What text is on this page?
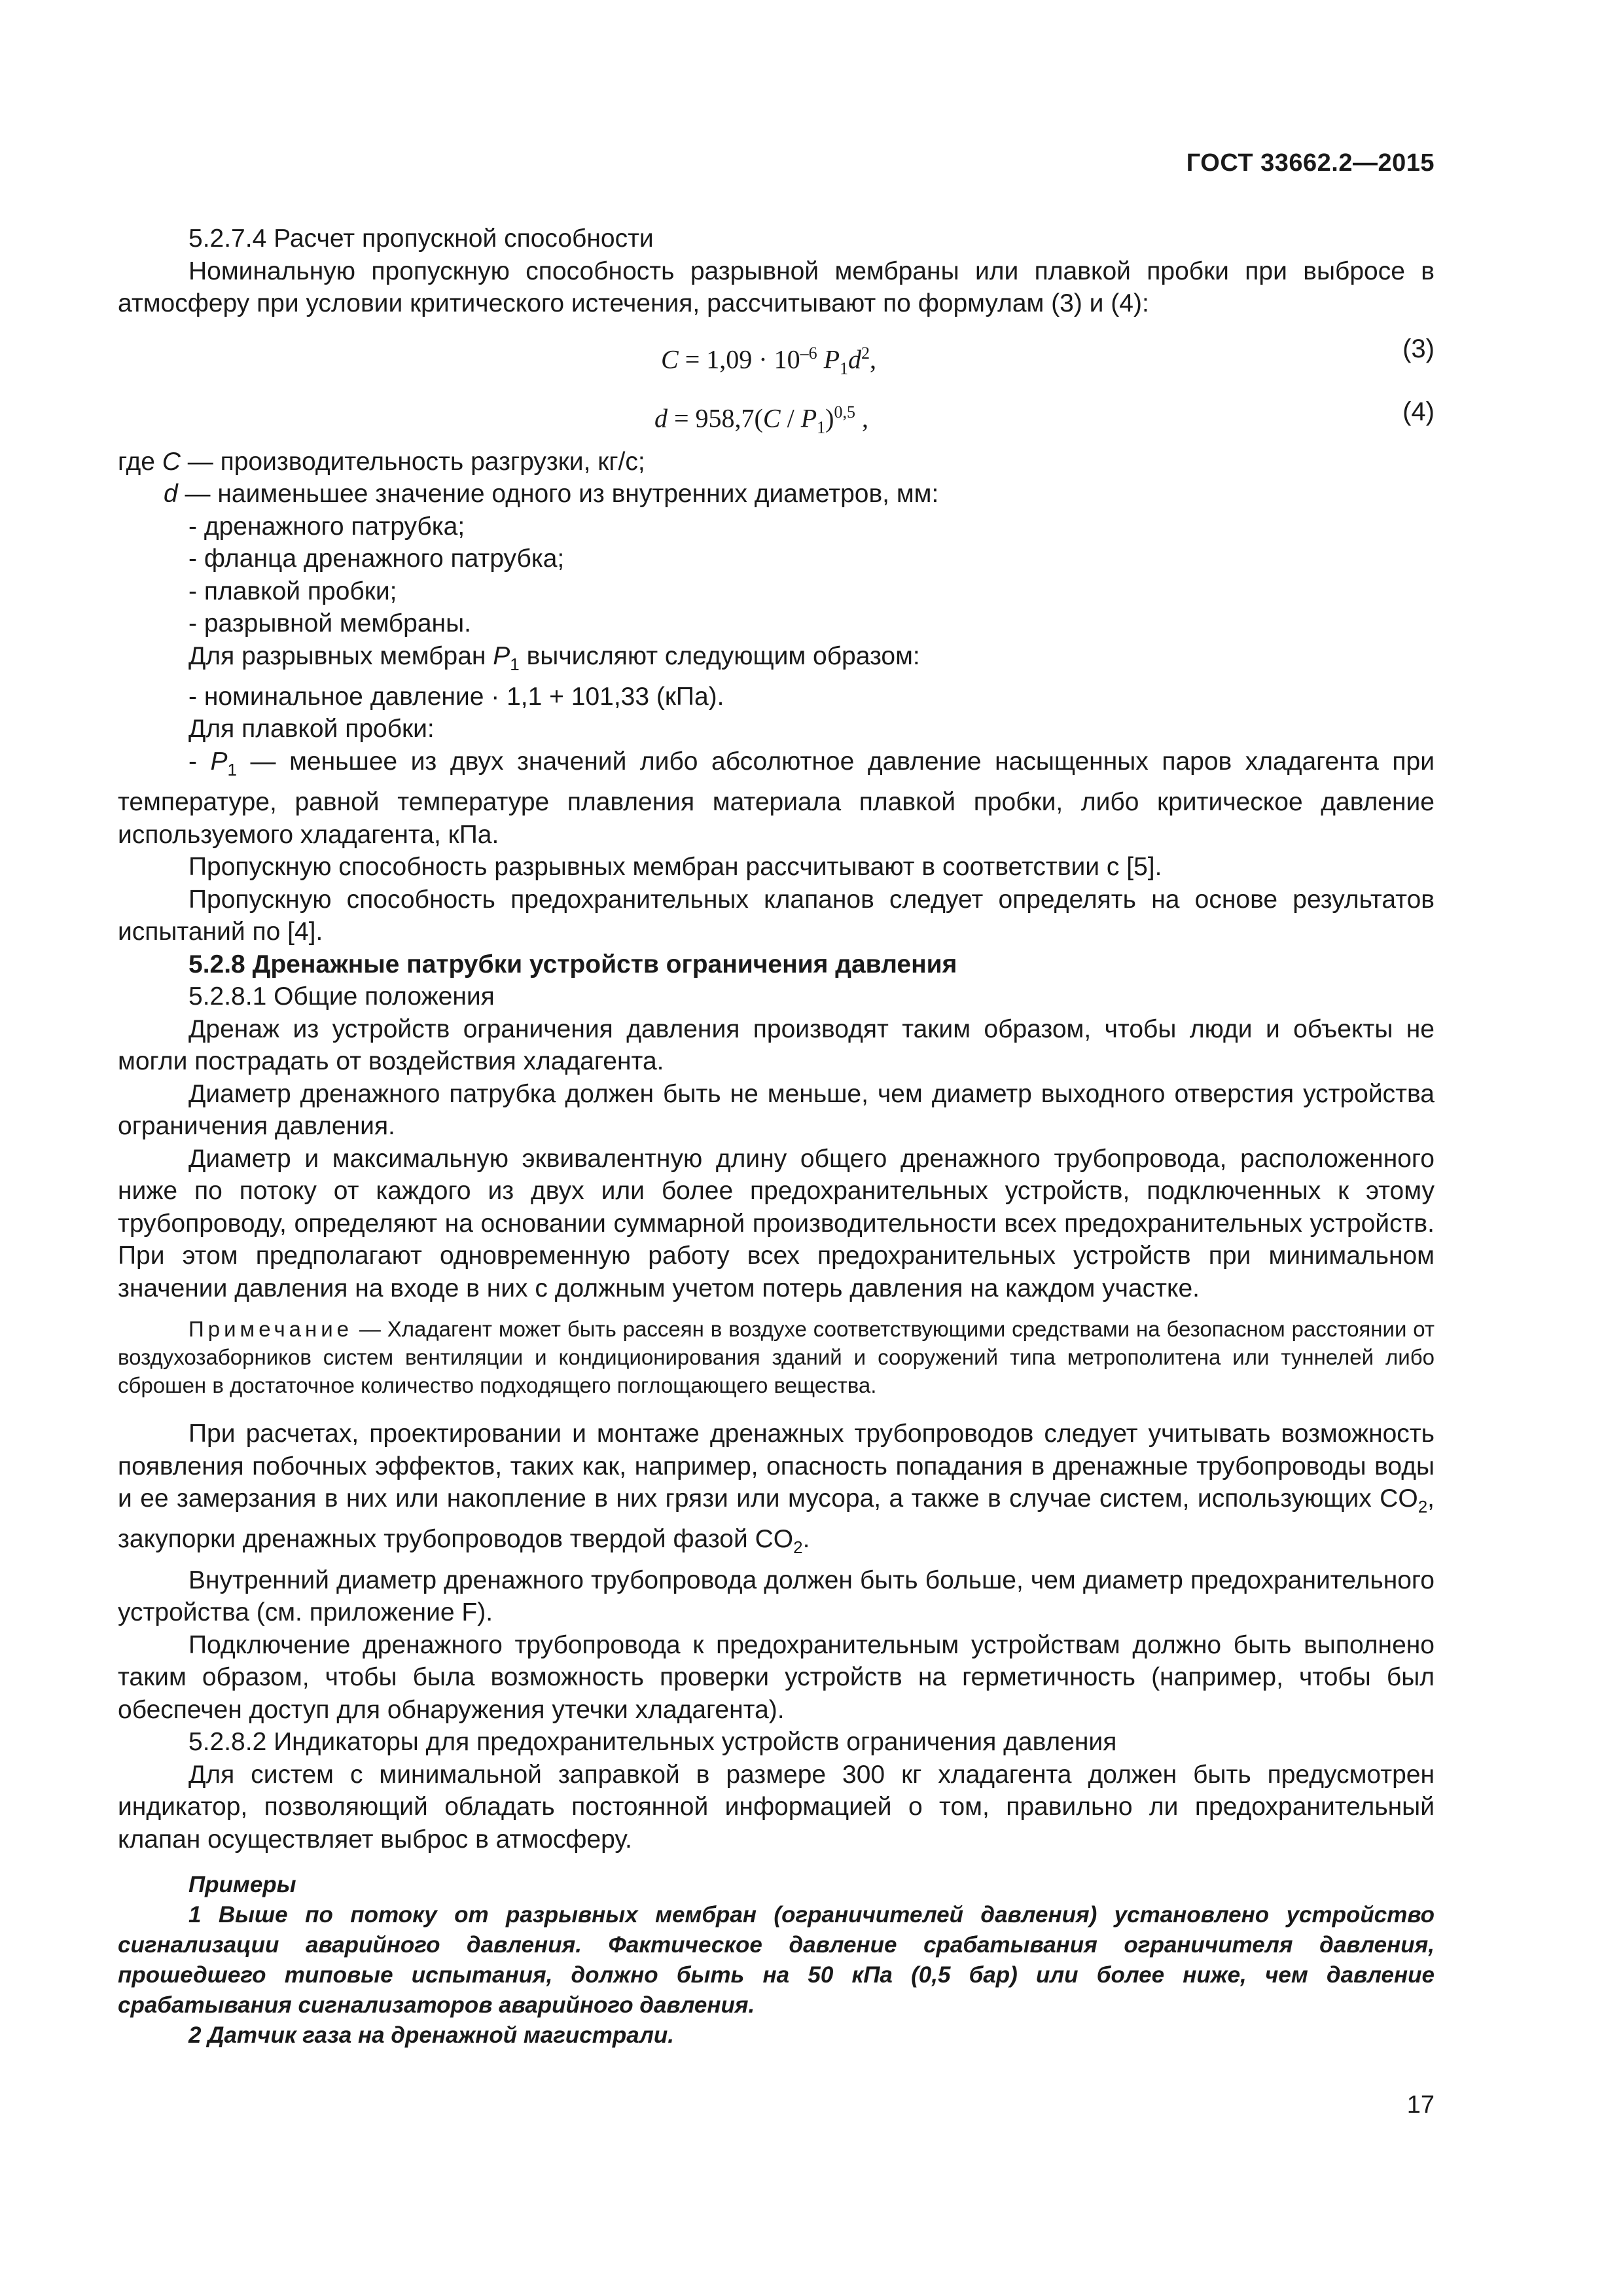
ГОСТ 33662.2—2015

5.2.7.4 Расчет пропускной способности

Номинальную пропускную способность разрывной мембраны или плавкой пробки при выбросе в атмосферу при условии критического истечения, рассчитывают по формулам (3) и (4):

$C = 1,09 \cdot 10^{-6}$ $P_1d^2$,	(3)
$d = 958,7(C / P_1)^{0,5}$ ,	(4)

где C — производительность разгрузки, кг/с;

d — наименьшее значение одного из внутренних диаметров, мм:

- дренажного патрубка;

- фланца дренажного патрубка;

- плавкой пробки;

- разрывной мембраны.

Для разрывных мембран $P_1$ вычисляют следующим образом:

- номинальное давление · 1,1 + 101,33 (кПа).

Для плавкой пробки:

- $P_1$ — меньшее из двух значений либо абсолютное давление насыщенных паров хладагента при температуре, равной температуре плавления материала плавкой пробки, либо критическое давление используемого хладагента, кПа.

Пропускную способность разрывных мембран рассчитывают в соответствии с [5].

Пропускную способность предохранительных клапанов следует определять на основе результатов испытаний по [4].

5.2.8 Дренажные патрубки устройств ограничения давления

5.2.8.1 Общие положения

Дренаж из устройств ограничения давления производят таким образом, чтобы люди и объекты не могли пострадать от воздействия хладагента.

Диаметр дренажного патрубка должен быть не меньше, чем диаметр выходного отверстия устройства ограничения давления.

Диаметр и максимальную эквивалентную длину общего дренажного трубопровода, расположенного ниже по потоку от каждого из двух или более предохранительных устройств, подключенных к этому трубопроводу, определяют на основании суммарной производительности всех предохранительных устройств. При этом предполагают одновременную работу всех предохранительных устройств при минимальном значении давления на входе в них с должным учетом потерь давления на каждом участке.

Примечание — Хладагент может быть рассеян в воздухе соответствующими средствами на безопасном расстоянии от воздухозаборников систем вентиляции и кондиционирования зданий и сооружений типа метрополитена или туннелей либо сброшен в достаточное количество подходящего поглощающего вещества.

При расчетах, проектировании и монтаже дренажных трубопроводов следует учитывать возможность появления побочных эффектов, таких как, например, опасность попадания в дренажные трубопроводы воды и ее замерзания в них или накопление в них грязи или мусора, а также в случае систем, использующих $CO_2$, закупорки дренажных трубопроводов твердой фазой $CO_2$.

Внутренний диаметр дренажного трубопровода должен быть больше, чем диаметр предохранительного устройства (см. приложение F).

Подключение дренажного трубопровода к предохранительным устройствам должно быть выполнено таким образом, чтобы была возможность проверки устройств на герметичность (например, чтобы был обеспечен доступ для обнаружения утечки хладагента).

5.2.8.2 Индикаторы для предохранительных устройств ограничения давления

Для систем с минимальной заправкой в размере 300 кг хладагента должен быть предусмотрен индикатор, позволяющий обладать постоянной информацией о том, правильно ли предохранительный клапан осуществляет выброс в атмосферу.

Примеры

1 Выше по потоку от разрывных мембран (ограничителей давления) установлено устройство сигнализации аварийного давления. Фактическое давление срабатывания ограничителя давления, прошедшего типовые испытания, должно быть на 50 кПа (0,5 бар) или более ниже, чем давление срабатывания сигнализаторов аварийного давления.

2 Датчик газа на дренажной магистрали.

17
